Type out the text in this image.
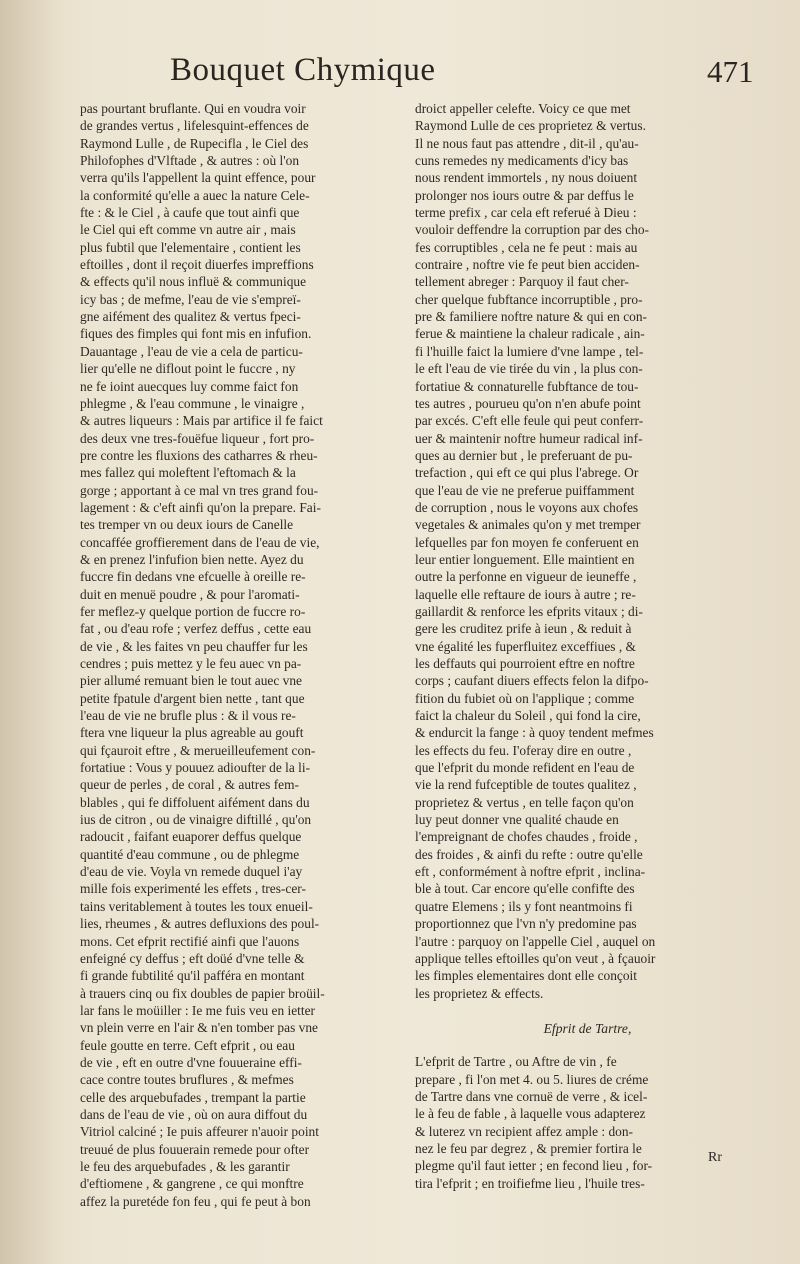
Bouquet Chymique	471
pas pourtant bruflante. Qui en voudra voir
de grandes vertus , lifelesquint-effences de
Raymond Lulle , de Rupecifla , le Ciel des
Philofophes d'Vlftade , & autres : où l'on
verra qu'ils l'appellent la quint effence, pour
la conformité qu'elle a auec la nature Cele-
fte : & le Ciel , à caufe que tout ainfi que
le Ciel qui eft comme vn autre air , mais
plus fubtil que l'elementaire , contient les
eftoilles , dont il reçoit diuerfes impreffions
& effects qu'il nous influë & communique
icy bas ; de mefme, l'eau de vie s'empreï-
gne aifément des qualitez & vertus fpeci-
fiques des fimples qui font mis en infufion.
Dauantage , l'eau de vie a cela de particu-
lier qu'elle ne diflout point le fuccre , ny
ne fe ioint auecques luy comme faict fon
phlegme , & l'eau commune , le vinaigre ,
& autres liqueurs : Mais par artifice il fe faict
des deux vne tres-fouëfue liqueur , fort pro-
pre contre les fluxions des catharres & rheu-
mes fallez qui moleftent l'eftomach & la
gorge ; apportant à ce mal vn tres grand fou-
lagement : & c'eft ainfi qu'on la prepare. Fai-
tes tremper vn ou deux iours de Canelle
concaffée groffierement dans de l'eau de vie,
& en prenez l'infufion bien nette. Ayez du
fuccre fin dedans vne efcuelle à oreille re-
duit en menuë poudre , & pour l'aromati-
fer meflez-y quelque portion de fuccre ro-
fat , ou d'eau rofe ; verfez deffus , cette eau
de vie , & les faites vn peu chauffer fur les
cendres ; puis mettez y le feu auec vn pa-
pier allumé remuant bien le tout auec vne
petite fpatule d'argent bien nette , tant que
l'eau de vie ne brufle plus : & il vous re-
ftera vne liqueur la plus agreable au gouft
qui fçauroit eftre , & merueilleufement con-
fortatiue : Vous y pouuez adioufter de la li-
queur de perles , de coral , & autres fem-
blables , qui fe diffoluent aifément dans du
ius de citron , ou de vinaigre diftillé , qu'on
radoucit , faifant euaporer deffus quelque
quantité d'eau commune , ou de phlegme
d'eau de vie. Voyla vn remede duquel i'ay
mille fois experimenté les effets , tres-cer-
tains veritablement à toutes les toux enueil-
lies, rheumes , & autres defluxions des poul-
mons. Cet efprit rectifié ainfi que l'auons
enfeigné cy deffus ; eft doüé d'vne telle &
fi grande fubtilité qu'il pafféra en montant
à trauers cinq ou fix doubles de papier broüil-
lar fans le moüiller : Ie me fuis veu en ietter
vn plein verre en l'air & n'en tomber pas vne
feule goutte en terre. Ceft efprit , ou eau
de vie , eft en outre d'vne fouueraine effi-
cace contre toutes bruflures , & mefmes
celle des arquebufades , trempant la partie
dans de l'eau de vie , où on aura diffout du
Vitriol calciné ; Ie puis affeurer n'auoir point
treuué de plus fouuerain remede pour ofter
le feu des arquebufades , & les garantir
d'eftiomene , & gangrene , ce qui monftre
affez la puretéde fon feu , qui fe peut à bon
droict appeller celefte. Voicy ce que met
Raymond Lulle de ces proprietez & vertus.
Il ne nous faut pas attendre , dit-il , qu'au-
cuns remedes ny medicaments d'icy bas
nous rendent immortels , ny nous doiuent
prolonger nos iours outre & par deffus le
terme prefix , car cela eft referué à Dieu :
vouloir deffendre la corruption par des cho-
fes corruptibles , cela ne fe peut : mais au
contraire , noftre vie fe peut bien acciden-
tellement abreger : Parquoy il faut cher-
cher quelque fubftance incorruptible , pro-
pre & familiere noftre nature & qui en con-
ferue & maintiene la chaleur radicale , ain-
fi l'huille faict la lumiere d'vne lampe , tel-
le eft l'eau de vie tirée du vin , la plus con-
fortatiue & connaturelle fubftance de tou-
tes autres , pourueu qu'on n'en abufe point
par excés. C'eft elle feule qui peut conferr-
uer & maintenir noftre humeur radical inf-
ques au dernier but , le preferuant de pu-
trefaction , qui eft ce qui plus l'abrege. Or
que l'eau de vie ne preferue puiffamment
de corruption , nous le voyons aux chofes
vegetales & animales qu'on y met tremper
lefquelles par fon moyen fe conferuent en
leur entier longuement. Elle maintient en
outre la perfonne en vigueur de ieuneffe ,
laquelle elle reftaure de iours à autre ; re-
gaillardit & renforce les efprits vitaux ; di-
gere les cruditez prife à ieun , & reduit à
vne égalité les fuperfluitez exceffiues , &
les deffauts qui pourroient eftre en noftre
corps ; caufant diuers effects felon la difpo-
fition du fubiet où on l'applique ; comme
faict la chaleur du Soleil , qui fond la cire,
& endurcit la fange : à quoy tendent mefmes
les effects du feu. I'oferay dire en outre ,
que l'efprit du monde refident en l'eau de
vie la rend fufceptible de toutes qualitez ,
proprietez & vertus , en telle façon qu'on
luy peut donner vne qualité chaude en
l'empreignant de chofes chaudes , froide ,
des froides , & ainfi du refte : outre qu'elle
eft , conformément à noftre efprit , inclina-
ble à tout. Car encore qu'elle confifte des
quatre Elemens ; ils y font neantmoins fi
proportionnez que l'vn n'y predomine pas
l'autre : parquoy on l'appelle Ciel , auquel on
applique telles eftoilles qu'on veut , à fçauoir
les fimples elementaires dont elle conçoit
les proprietez & effects.
Efprit de Tartre,
L'efprit de Tartre , ou Aftre de vin , fe
prepare , fi l'on met 4. ou 5. liures de créme
de Tartre dans vne cornuë de verre , & icel-
le à feu de fable , à laquelle vous adapterez
& luterez vn recipient affez ample : don-
nez le feu par degrez , & premier fortira le
plegme qu'il faut ietter ; en fecond lieu , for-
tira l'efprit ; en troifiefme lieu , l'huile tres-
Rr
